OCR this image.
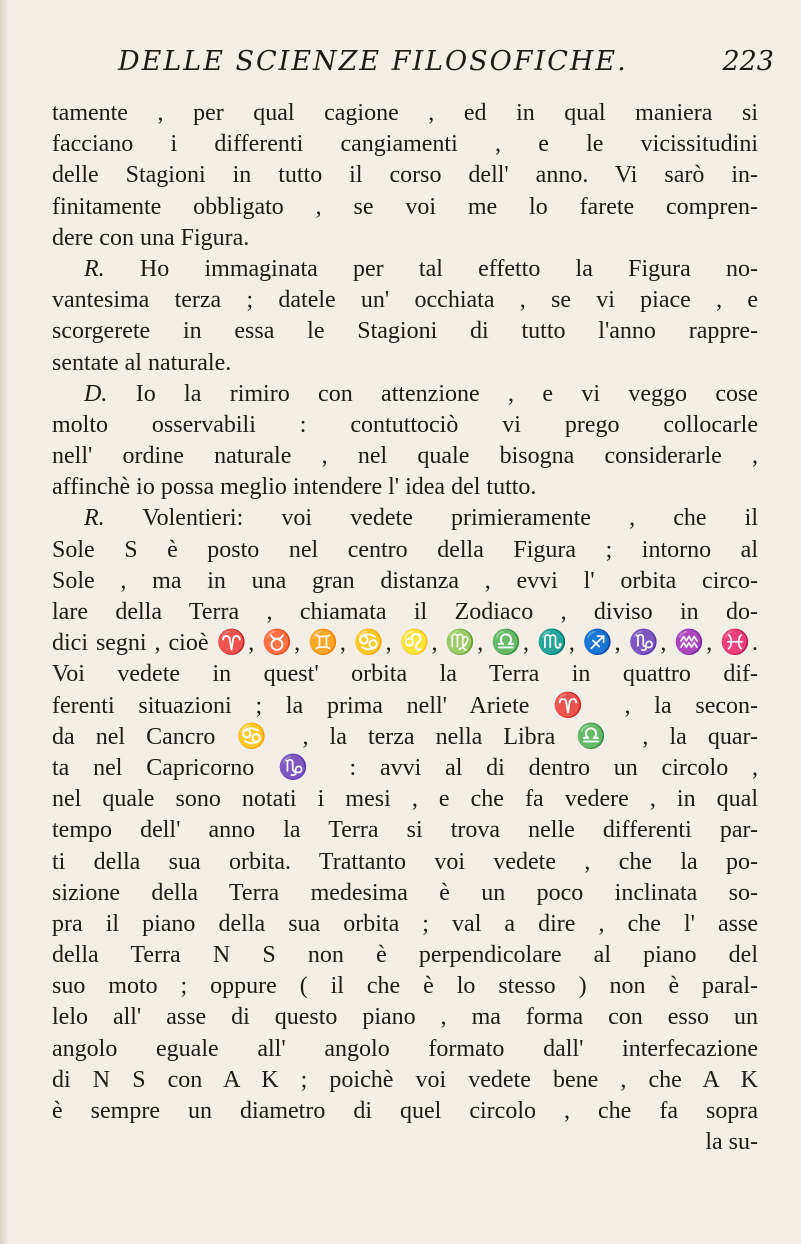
DELLE SCIENZE FILOSOFICHE.	223
tamente , per qual cagione , ed in qual maniera si
facciano i differenti cangiamenti , e le vicissitudini
delle Stagioni in tutto il corso dell' anno. Vi sarò in-
finitamente obbligato , se voi me lo farete compren-
dere con una Figura.
R. Ho immaginata per tal effetto la Figura no-
vantesima terza ; datele un' occhiata , se vi piace , e
scorgerete in essa le Stagioni di tutto l'anno rappre-
sentate al naturale.
D. Io la rimiro con attenzione , e vi veggo cose
molto osservabili : contuttociò vi prego collocarle
nell' ordine naturale , nel quale bisogna considerarle ,
affinchè io possa meglio intendere l' idea del tutto.
R. Volentieri: voi vedete primieramente , che il
Sole S è posto nel centro della Figura ; intorno al
Sole , ma in una gran distanza , evvi l' orbita circo-
lare della Terra , chiamata il Zodiaco , diviso in do-
dici segni , cioè ♈, ♉, ♊, ♋, ♌, ♍, ♎, ♏, ♐, ♑, ♒, ♓.
Voi vedete in quest' orbita la Terra in quattro dif-
ferenti situazioni ; la prima nell' Ariete ♈ , la secon-
da nel Cancro ♋ , la terza nella Libra ♎ , la quar-
ta nel Capricorno ♑ : avvi al di dentro un circolo ,
nel quale sono notati i mesi , e che fa vedere , in qual
tempo dell' anno la Terra si trova nelle differenti par-
ti della sua orbita. Trattanto voi vedete , che la po-
sizione della Terra medesima è un poco inclinata so-
pra il piano della sua orbita ; val a dire , che l' asse
della Terra N S non è perpendicolare al piano del
suo moto ; oppure ( il che è lo stesso ) non è paral-
lelo all' asse di questo piano , ma forma con esso un
angolo eguale all' angolo formato dall' interfecazione
di N S con A K ; poichè voi vedete bene , che A K
è sempre un diametro di quel circolo , che fa sopra
la su-
